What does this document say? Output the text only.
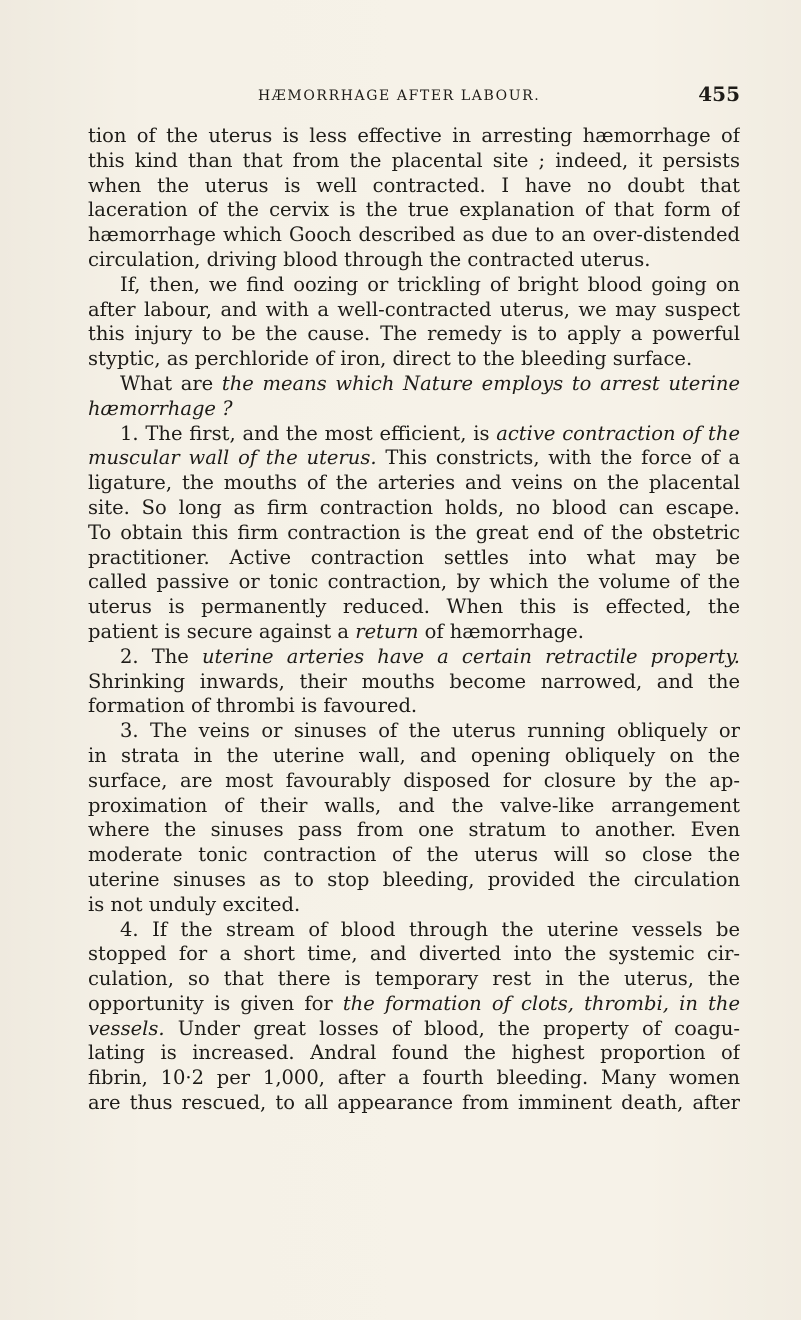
HÆMORRHAGE AFTER LABOUR.	455
tion of the uterus is less effective in arresting hæmorrhage of
this kind than that from the placental site ; indeed, it persists
when the uterus is well contracted. I have no doubt that
laceration of the cervix is the true explanation of that form of
hæmorrhage which Gooch described as due to an over-distended
circulation, driving blood through the contracted uterus.
If, then, we find oozing or trickling of bright blood going on
after labour, and with a well-contracted uterus, we may suspect
this injury to be the cause. The remedy is to apply a powerful
styptic, as perchloride of iron, direct to the bleeding surface.
What are the means which Nature employs to arrest uterine
hæmorrhage ?
1. The first, and the most efficient, is active contraction of the
muscular wall of the uterus. This constricts, with the force of a
ligature, the mouths of the arteries and veins on the placental
site. So long as firm contraction holds, no blood can escape.
To obtain this firm contraction is the great end of the obstetric
practitioner. Active contraction settles into what may be
called passive or tonic contraction, by which the volume of the
uterus is permanently reduced. When this is effected, the
patient is secure against a return of hæmorrhage.
2. The uterine arteries have a certain retractile property.
Shrinking inwards, their mouths become narrowed, and the
formation of thrombi is favoured.
3. The veins or sinuses of the uterus running obliquely or
in strata in the uterine wall, and opening obliquely on the
surface, are most favourably disposed for closure by the ap-
proximation of their walls, and the valve-like arrangement
where the sinuses pass from one stratum to another. Even
moderate tonic contraction of the uterus will so close the
uterine sinuses as to stop bleeding, provided the circulation
is not unduly excited.
4. If the stream of blood through the uterine vessels be
stopped for a short time, and diverted into the systemic cir-
culation, so that there is temporary rest in the uterus, the
opportunity is given for the formation of clots, thrombi, in the
vessels. Under great losses of blood, the property of coagu-
lating is increased. Andral found the highest proportion of
fibrin, 10·2 per 1,000, after a fourth bleeding. Many women
are thus rescued, to all appearance from imminent death, after
